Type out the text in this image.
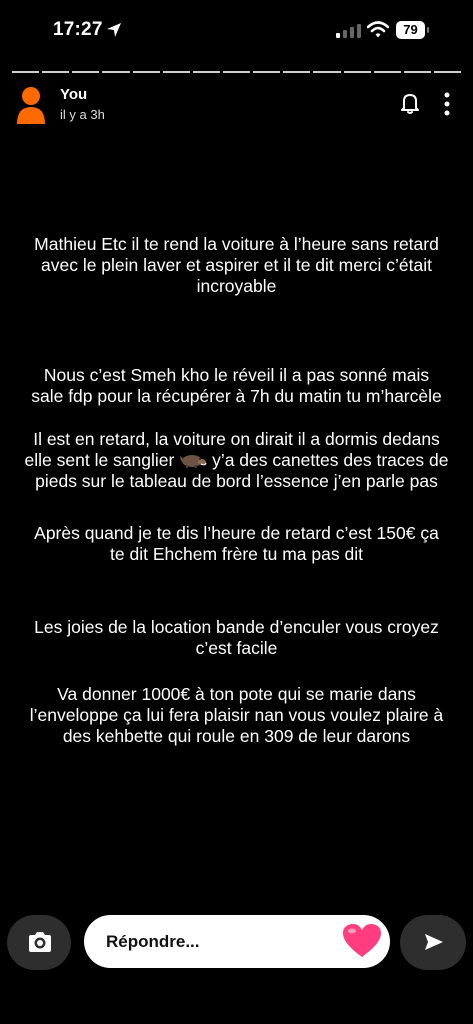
17:27	79
You
il y a 3h
Mathieu Etc il te rend la voiture à l’heure sans retard
avec le plein laver et aspirer et il te dit merci c’était
incroyable
Nous c’est Smeh kho le réveil il a pas sonné mais
sale fdp pour la récupérer à 7h du matin tu m’harcèle
Il est en retard, la voiture on dirait il a dormis dedans
elle sent le sanglier  y’a des canettes des traces de
pieds sur le tableau de bord l’essence j’en parle pas
Après quand je te dis l’heure de retard c’est 150€ ça
te dit Ehchem frère tu ma pas dit
Les joies de la location bande d’enculer vous croyez
c’est facile
Va donner 1000€ à ton pote qui se marie dans
l’enveloppe ça lui fera plaisir nan vous voulez plaire à
des kehbette qui roule en 309 de leur darons
Répondre...
